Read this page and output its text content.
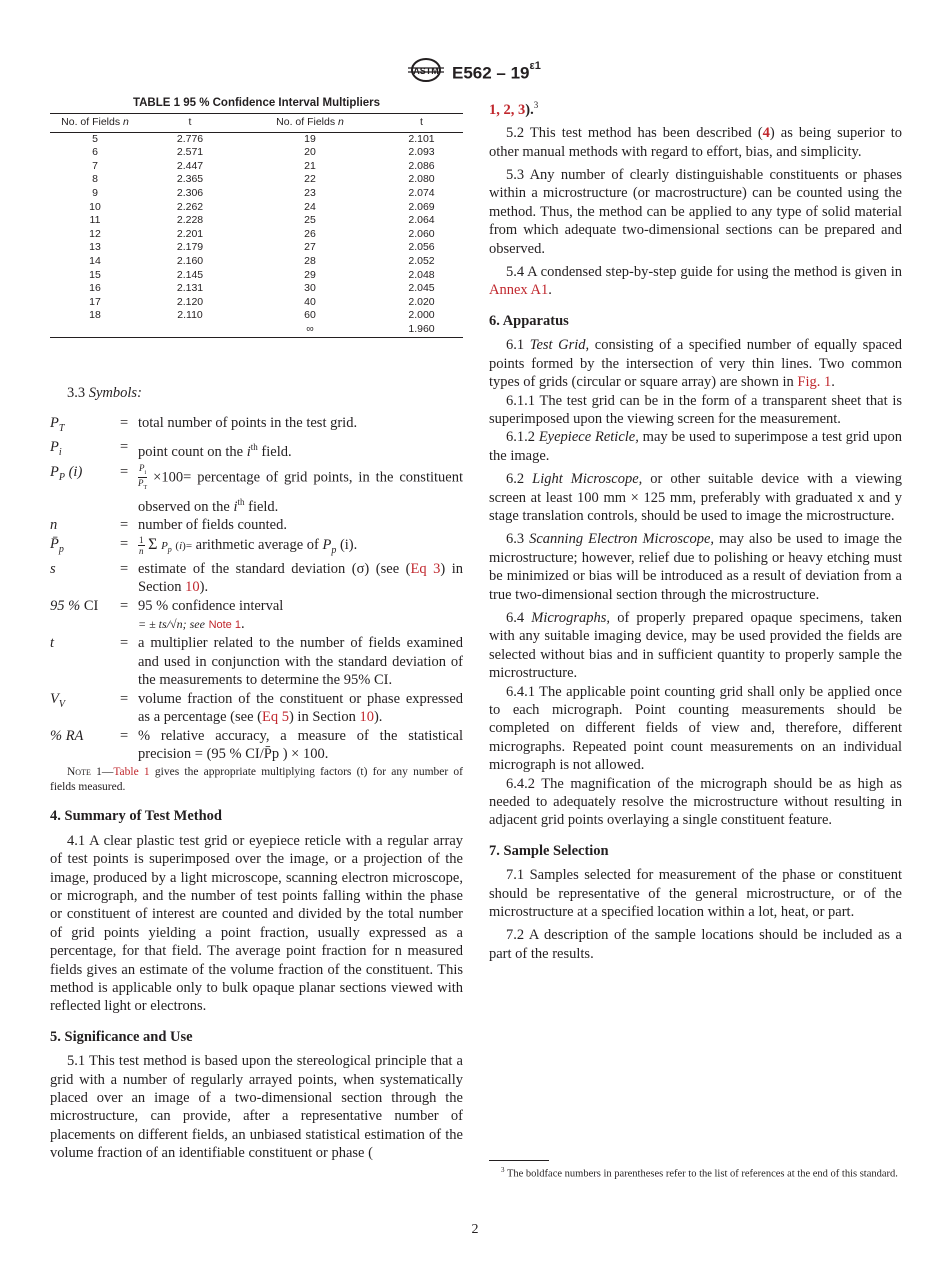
ASTM $E562 - 19^{\varepsilon 1}$
TABLE 1 95 % Confidence Interval Multipliers
No. of Fields n	t	No. of Fields n	t
5	2.776	19	2.101
6	2.571	20	2.093
7	2.447	21	2.086
8	2.365	22	2.080
9	2.306	23	2.074
10	2.262	24	2.069
11	2.228	25	2.064
12	2.201	26	2.060
13	2.179	27	2.056
14	2.160	28	2.052
15	2.145	29	2.048
16	2.131	30	2.045
17	2.120	40	2.020
18	2.110	60	2.000
		∞	1.960
3.3 Symbols:
$P_T$	= total number of points in the test grid.
$P_i$	= point count on the $i^{th}$ field.
$P_P$ (i)	=	$\frac{P_i}{P_T} \times 100=$ percentage of grid points, in the constituent observed on the $i^{th}$ field.
n	= number of fields counted.
$P̄_p$	=	$\frac{1}{n}$ Σ $P_p$ (i)= arithmetic average of $P_p$ (i).
s	= estimate of the standard deviation (σ) (see (Eq 3) in Section 10).
95 % CI	= 95 % confidence interval
= ± ts/√n; see Note 1.
t	= a multiplier related to the number of fields examined and used in conjunction with the standard deviation of the measurements to determine the 95% CI.
$V_V$	= volume fraction of the constituent or phase expressed as a percentage (see (Eq 5) in Section 10).
% RA	= % relative accuracy, a measure of the statistical precision = (95 % CI/P̄p ) × 100.

Note 1—Table 1 gives the appropriate multiplying factors (t) for any number of fields measured.

4. Summary of Test Method

4.1 A clear plastic test grid or eyepiece reticle with a regular array of test points is superimposed over the image, or a projection of the image, produced by a light microscope, scanning electron microscope, or micrograph, and the number of test points falling within the phase or constituent of interest are counted and divided by the total number of grid points yielding a point fraction, usually expressed as a percentage, for that field. The average point fraction for n measured fields gives an estimate of the volume fraction of the constituent. This method is applicable only to bulk opaque planar sections viewed with reflected light or electrons.

5. Significance and Use

5.1 This test method is based upon the stereological principle that a grid with a number of regularly arrayed points, when systematically placed over an image of a two-dimensional section through the microstructure, can provide, after a representative number of placements on different fields, an unbiased statistical estimation of the volume fraction of an identifiable constituent or phase (

1, 2, 3).$^3$

5.2 This test method has been described (4) as being superior to other manual methods with regard to effort, bias, and simplicity.

5.3 Any number of clearly distinguishable constituents or phases within a microstructure (or macrostructure) can be counted using the method. Thus, the method can be applied to any type of solid material from which adequate two-dimensional sections can be prepared and observed.

5.4 A condensed step-by-step guide for using the method is given in Annex A1.

6. Apparatus

6.1 Test Grid, consisting of a specified number of equally spaced points formed by the intersection of very thin lines. Two common types of grids (circular or square array) are shown in Fig. 1.

6.1.1 The test grid can be in the form of a transparent sheet that is superimposed upon the viewing screen for the measurement.

6.1.2 Eyepiece Reticle, may be used to superimpose a test grid upon the image.

6.2 Light Microscope, or other suitable device with a viewing screen at least 100 mm × 125 mm, preferably with graduated x and y stage translation controls, should be used to image the microstructure.

6.3 Scanning Electron Microscope, may also be used to image the microstructure; however, relief due to polishing or heavy etching must be minimized or bias will be introduced as a result of deviation from a true two-dimensional section through the microstructure.

6.4 Micrographs, of properly prepared opaque specimens, taken with any suitable imaging device, may be used provided the fields are selected without bias and in sufficient quantity to properly sample the microstructure.

6.4.1 The applicable point counting grid shall only be applied once to each micrograph. Point counting measurements should be completed on different fields of view and, therefore, different micrographs. Repeated point count measurements on an individual micrograph is not allowed.

6.4.2 The magnification of the micrograph should be as high as needed to adequately resolve the microstructure without resulting in adjacent grid points overlaying a single constituent feature.

7. Sample Selection

7.1 Samples selected for measurement of the phase or constituent should be representative of the general microstructure, or of the microstructure at a specified location within a lot, heat, or part.

7.2 A description of the sample locations should be included as a part of the results.

$^3$ The boldface numbers in parentheses refer to the list of references at the end of this standard.
2
